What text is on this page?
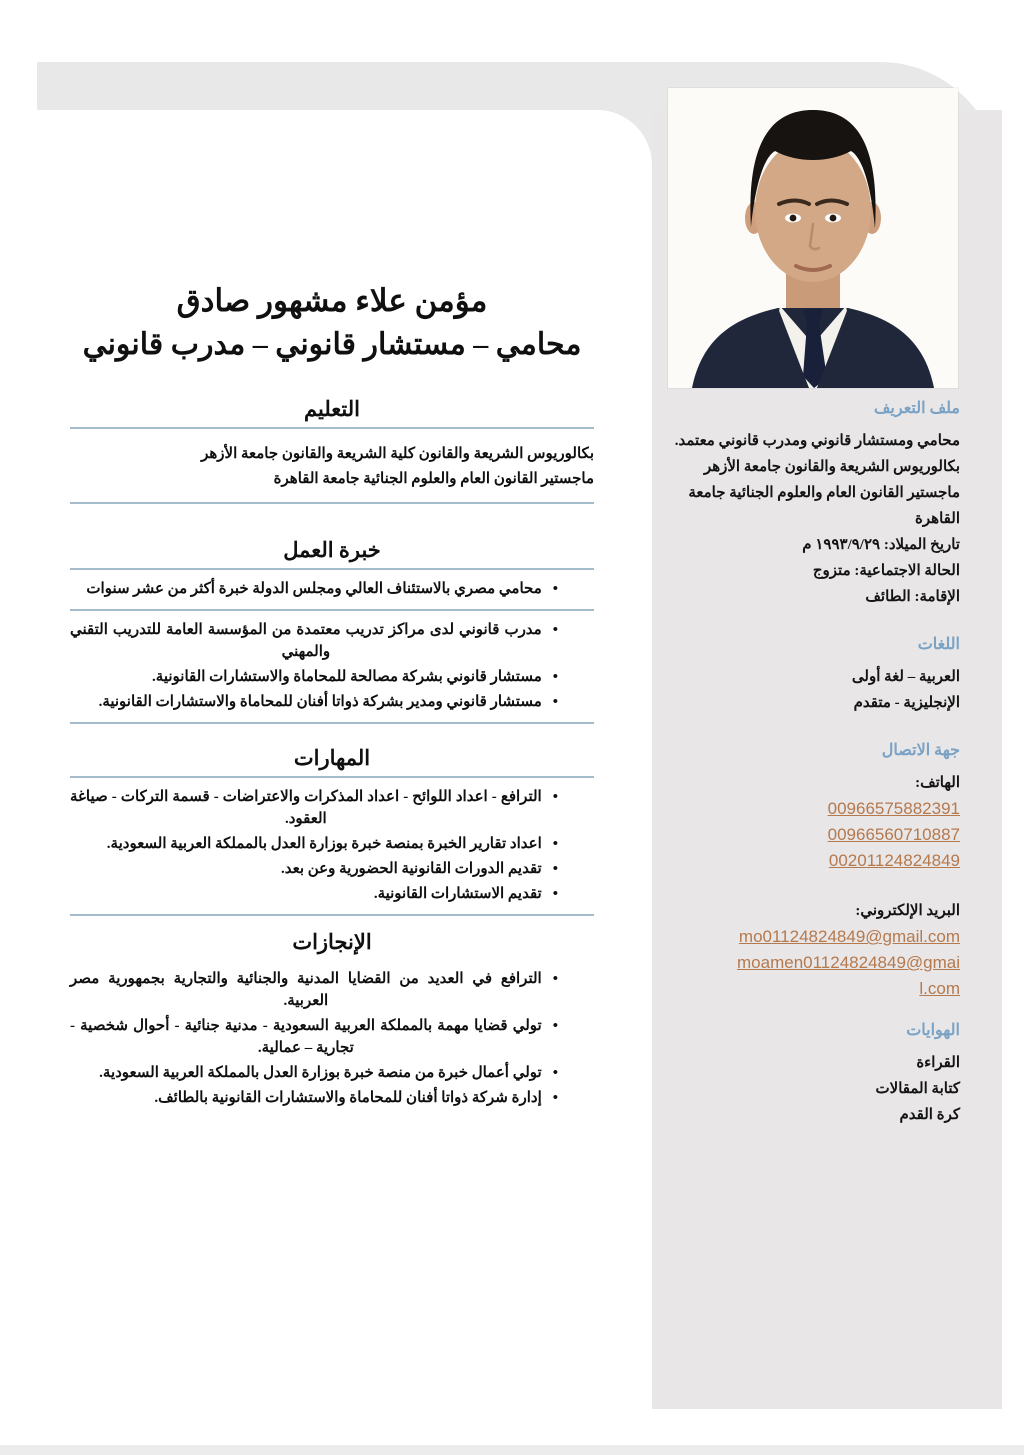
مؤمن علاء مشهور صادق
محامي – مستشار قانوني – مدرب قانوني
التعليم
بكالوريوس الشريعة والقانون كلية الشريعة والقانون جامعة الأزهر
ماجستير القانون العام والعلوم الجنائية جامعة القاهرة
خبرة العمل
•
محامي مصري بالاستئناف العالي ومجلس الدولة خبرة أكثر من عشر سنوات
•
مدرب قانوني لدى مراكز تدريب معتمدة من المؤسسة العامة للتدريب التقني والمهني
•
مستشار قانوني بشركة مصالحة للمحاماة والاستشارات القانونية.
•
مستشار قانوني ومدير بشركة ذواتا أفنان للمحاماة والاستشارات القانونية.
المهارات
•
الترافع - اعداد اللوائح - اعداد المذكرات والاعتراضات - قسمة التركات - صياغة العقود.
•
اعداد تقارير الخبرة بمنصة خبرة بوزارة العدل بالمملكة العربية السعودية.
•
تقديم الدورات القانونية الحضورية وعن بعد.
•
تقديم الاستشارات القانونية.
الإنجازات
•
الترافع في العديد من القضايا المدنية والجنائية والتجارية بجمهورية مصر العربية.
•
تولي قضايا مهمة بالمملكة العربية السعودية - مدنية جنائية - أحوال شخصية - تجارية – عمالية.
•
تولي أعمال خبرة من منصة خبرة بوزارة العدل بالمملكة العربية السعودية.
•
إدارة شركة ذواتا أفنان للمحاماة والاستشارات القانونية بالطائف.
ملف التعريف

محامي ومستشار قانوني ومدرب قانوني معتمد.

بكالوريوس الشريعة والقانون جامعة الأزهر

ماجستير القانون العام والعلوم الجنائية جامعة القاهرة

تاريخ الميلاد: ١٩٩٣/٩/٢٩ م

الحالة الاجتماعية: متزوج

الإقامة: الطائف

اللغات

العربية – لغة أولى

الإنجليزية - متقدم

جهة الاتصال

الهاتف:

00966575882391
00966560710887
00201124824849

البريد الإلكتروني:

mo01124824849@gmail.com
moamen01124824849@gmail.com
الهوايات

القراءة

كتابة المقالات

كرة القدم
